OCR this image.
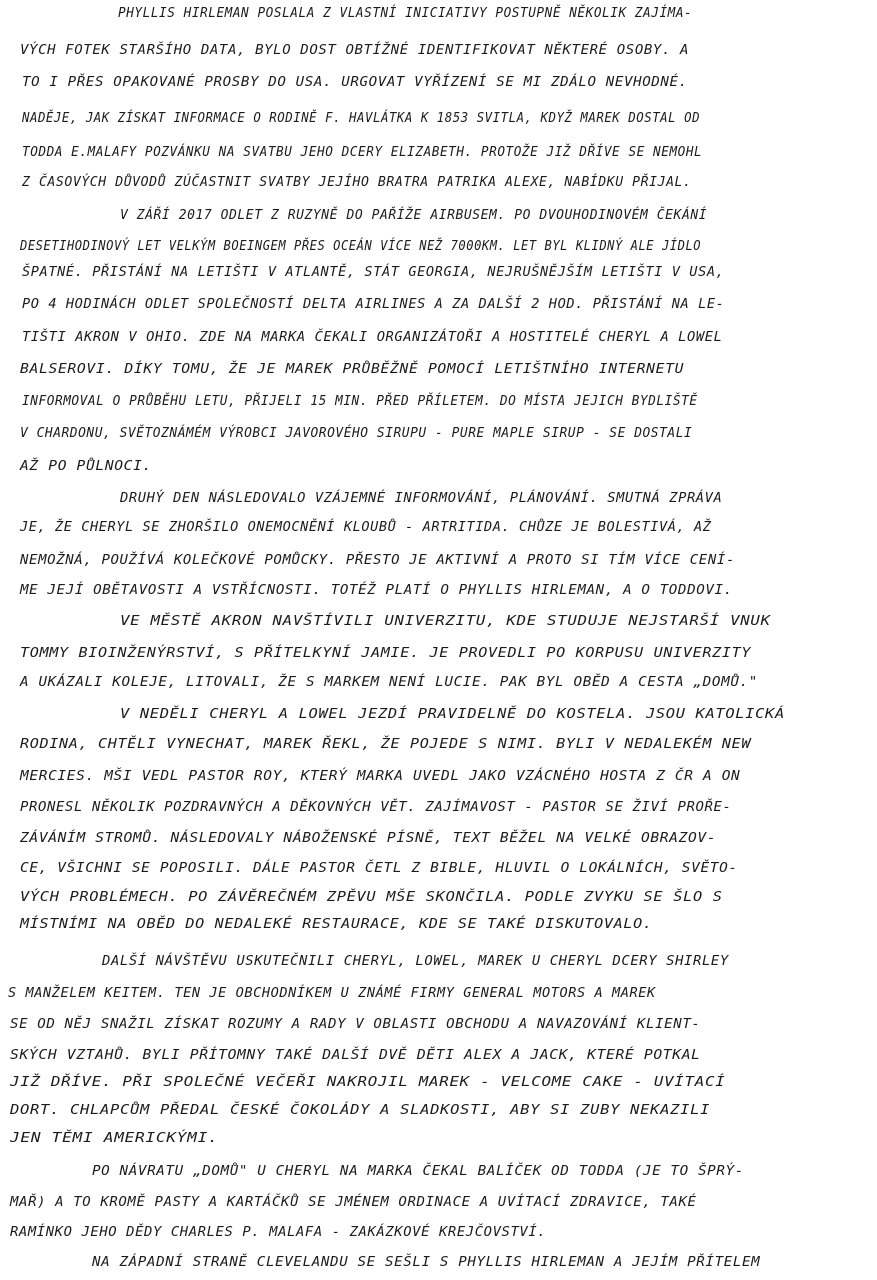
PHYLLIS HIRLEMAN POSLALA Z VLASTNÍ INICIATIVY POSTUPNĚ NĚKOLIK ZAJÍMA-
VÝCH FOTEK STARŠÍHO DATA, BYLO DOST OBTÍŽNÉ IDENTIFIKOVAT NĚKTERÉ OSOBY. A
TO I PŘES OPAKOVANÉ PROSBY DO USA. URGOVAT VYŘÍZENÍ SE MI ZDÁLO NEVHODNÉ.
NADĚJE, JAK ZÍSKAT INFORMACE O RODINĚ F. HAVLÁTKA K 1853 SVITLA, KDYŽ MAREK DOSTAL OD
TODDA E.MALAFY POZVÁNKU NA SVATBU JEHO DCERY ELIZABETH. PROTOŽE JIŽ DŘÍVE SE NEMOHL
Z ČASOVÝCH DŮVODŮ ZÚČASTNIT SVATBY JEJÍHO BRATRA PATRIKA ALEXE, NABÍDKU PŘIJAL.
V ZÁŘÍ 2017 ODLET Z RUZYNĚ DO PAŘÍŽE AIRBUSEM. PO DVOUHODINOVÉM ČEKÁNÍ
DESETIHODINOVÝ LET VELKÝM BOEINGEM PŘES OCEÁN VÍCE NEŽ 7000KM. LET BYL KLIDNÝ ALE JÍDLO
ŠPATNÉ. PŘISTÁNÍ NA LETIŠTI V ATLANTĚ, STÁT GEORGIA, NEJRUŠNĚJŠÍM LETIŠTI V USA,
PO 4 HODINÁCH ODLET SPOLEČNOSTÍ DELTA AIRLINES A ZA DALŠÍ 2 HOD. PŘISTÁNÍ NA LE-
TIŠTI AKRON V OHIO. ZDE NA MARKA ČEKALI ORGANIZÁTOŘI A HOSTITELÉ CHERYL A LOWEL
BALSEROVI. DÍKY TOMU, ŽE JE MAREK PRŮBĚŽNĚ POMOCÍ LETIŠTNÍHO INTERNETU
INFORMOVAL O PRŮBĚHU LETU, PŘIJELI 15 MIN. PŘED PŘÍLETEM. DO MÍSTA JEJICH BYDLIŠTĚ
V CHARDONU, SVĚTOZNÁMÉM VÝROBCI JAVOROVÉHO SIRUPU - PURE MAPLE SIRUP - SE DOSTALI
AŽ PO PŮLNOCI.
DRUHÝ DEN NÁSLEDOVALO VZÁJEMNÉ INFORMOVÁNÍ, PLÁNOVÁNÍ. SMUTNÁ ZPRÁVA
JE, ŽE CHERYL SE ZHORŠILO ONEMOCNĚNÍ KLOUBŮ - ARTRITIDA. CHŮZE JE BOLESTIVÁ, AŽ
NEMOŽNÁ, POUŽÍVÁ KOLEČKOVÉ POMŮCKY. PŘESTO JE AKTIVNÍ A PROTO SI TÍM VÍCE CENÍ-
ME JEJÍ OBĚTAVOSTI A VSTŘÍCNOSTI. TOTÉŽ PLATÍ O PHYLLIS HIRLEMAN, A O TODDOVI.
VE MĚSTĚ AKRON NAVŠTÍVILI UNIVERZITU, KDE STUDUJE NEJSTARŠÍ VNUK
TOMMY BIOINŽENÝRSTVÍ, S PŘÍTELKYNÍ JAMIE. JE PROVEDLI PO KORPUSU UNIVERZITY
A UKÁZALI KOLEJE, LITOVALI, ŽE S MARKEM NENÍ LUCIE. PAK BYL OBĚD A CESTA „DOMŮ."
V NEDĚLI CHERYL A LOWEL JEZDÍ PRAVIDELNĚ DO KOSTELA. JSOU KATOLICKÁ
RODINA, CHTĚLI VYNECHAT, MAREK ŘEKL, ŽE POJEDE S NIMI. BYLI V NEDALEKÉM NEW
MERCIES. MŠI VEDL PASTOR ROY, KTERÝ MARKA UVEDL JAKO VZÁCNÉHO HOSTA Z ČR A ON
PRONESL NĚKOLIK POZDRAVNÝCH A DĚKOVNÝCH VĚT. ZAJÍMAVOST - PASTOR SE ŽIVÍ PROŘE-
ZÁVÁNÍM STROMŮ. NÁSLEDOVALY NÁBOŽENSKÉ PÍSNĚ, TEXT BĚŽEL NA VELKÉ OBRAZOV-
CE, VŠICHNI SE POPOSILI. DÁLE PASTOR ČETL Z BIBLE, HLUVIL O LOKÁLNÍCH, SVĚTO-
VÝCH PROBLÉMECH. PO ZÁVĚREČNÉM ZPĚVU MŠE SKONČILA. PODLE ZVYKU SE ŠLO S
MÍSTNÍMI NA OBĚD DO NEDALEKÉ RESTAURACE, KDE SE TAKÉ DISKUTOVALO.
DALŠÍ NÁVŠTĚVU USKUTEČNILI CHERYL, LOWEL, MAREK U CHERYL DCERY SHIRLEY
S MANŽELEM KEITEM. TEN JE OBCHODNÍKEM U ZNÁMÉ FIRMY GENERAL MOTORS A MAREK
SE OD NĚJ SNAŽIL ZÍSKAT ROZUMY A RADY V OBLASTI OBCHODU A NAVAZOVÁNÍ KLIENT-
SKÝCH VZTAHŮ. BYLI PŘÍTOMNY TAKÉ DALŠÍ DVĚ DĚTI ALEX A JACK, KTERÉ POTKAL
JIŽ DŘÍVE. PŘI SPOLEČNÉ VEČEŘI NAKROJIL MAREK - VELCOME CAKE - UVÍTACÍ
DORT. CHLAPCŮM PŘEDAL ČESKÉ ČOKOLÁDY A SLADKOSTI, ABY SI ZUBY NEKAZILI
JEN TĚMI AMERICKÝMI.
PO NÁVRATU „DOMŮ" U CHERYL NA MARKA ČEKAL BALÍČEK OD TODDA (JE TO ŠPRÝ-
MAŘ) A TO KROMĚ PASTY A KARTÁČKŮ SE JMÉNEM ORDINACE A UVÍTACÍ ZDRAVICE, TAKÉ
RAMÍNKO JEHO DĚDY CHARLES P. MALAFA - ZAKÁZKOVÉ KREJČOVSTVÍ.
NA ZÁPADNÍ STRANĚ CLEVELANDU SE SEŠLI S PHYLLIS HIRLEMAN A JEJÍM PŘÍTELEM
